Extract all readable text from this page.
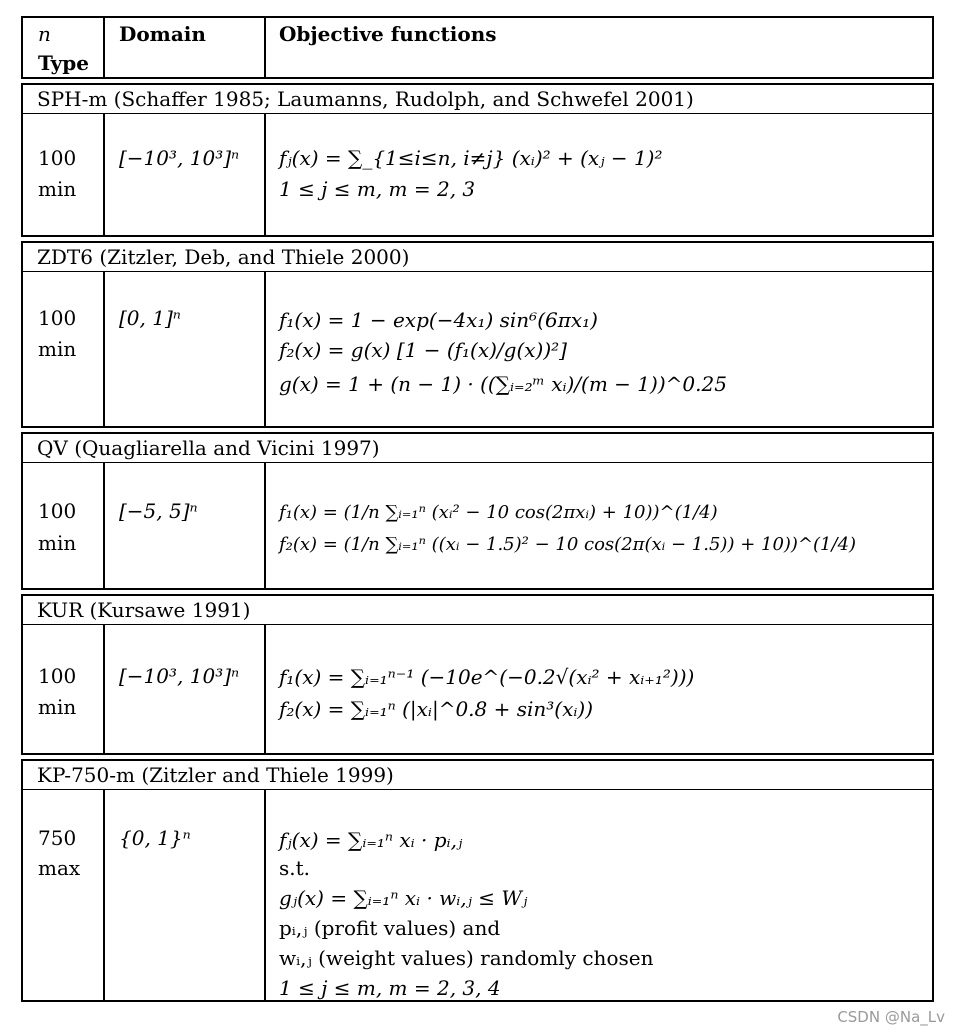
n
Type
Domain	Objective functions
SPH-m (Schaffer 1985; Laumanns, Rudolph, and Schwefel 2001)
100
min
[−10³, 10³]ⁿ fⱼ(x) = ∑_{1≤i≤n, i≠j} (xᵢ)² + (xⱼ − 1)²
1 ≤ j ≤ m, m = 2, 3
ZDT6 (Zitzler, Deb, and Thiele 2000)
100
min
[0, 1]ⁿ	f₁(x) = 1 − exp(−4x₁) sin⁶(6πx₁)
f₂(x) = g(x) [1 − (f₁(x)/g(x))²]
g(x) = 1 + (n − 1) · ((∑ᵢ₌₂ᵐ xᵢ)/(m − 1))^0.25
QV (Quagliarella and Vicini 1997)
100
min
[−5, 5]ⁿ	f₁(x) = (1/n ∑ᵢ₌₁ⁿ (xᵢ² − 10 cos(2πxᵢ) + 10))^(1/4)
f₂(x) = (1/n ∑ᵢ₌₁ⁿ ((xᵢ − 1.5)² − 10 cos(2π(xᵢ − 1.5)) + 10))^(1/4)
KUR (Kursawe 1991)
100
min
[−10³, 10³]ⁿ f₁(x) = ∑ᵢ₌₁ⁿ⁻¹ (−10e^(−0.2√(xᵢ² + xᵢ₊₁²)))
f₂(x) = ∑ᵢ₌₁ⁿ (|xᵢ|^0.8 + sin³(xᵢ))
KP-750-m (Zitzler and Thiele 1999)
750
max
{0, 1}ⁿ	fⱼ(x) = ∑ᵢ₌₁ⁿ xᵢ · pᵢ,ⱼ
s.t.
gⱼ(x) = ∑ᵢ₌₁ⁿ xᵢ · wᵢ,ⱼ ≤ Wⱼ
pᵢ,ⱼ (profit values) and
wᵢ,ⱼ (weight values) randomly chosen
1 ≤ j ≤ m, m = 2, 3, 4
CSDN @Na_Lv
